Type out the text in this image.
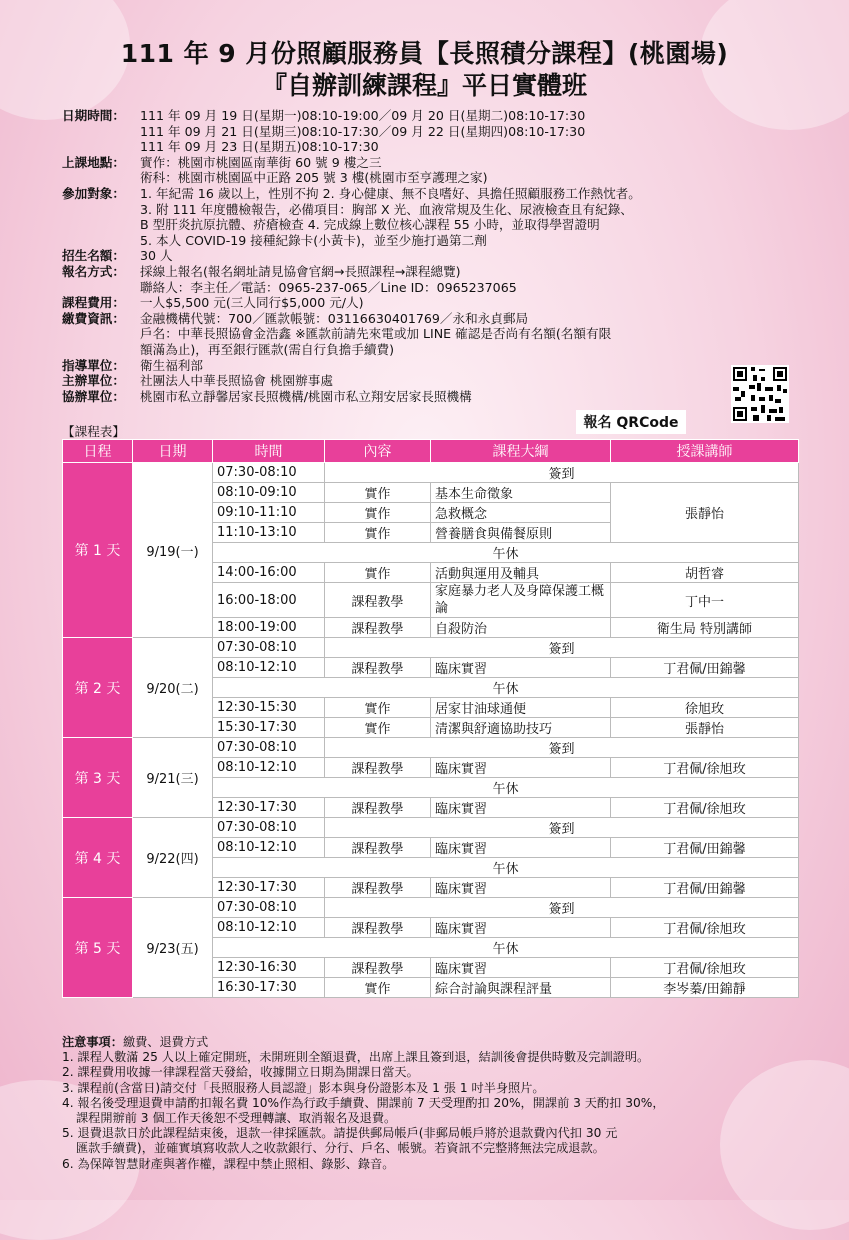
111 年 9 月份照顧服務員【長照積分課程】(桃園場)
『自辦訓練課程』平日實體班
日期時間：	111 年 09 月 19 日(星期一)08:10-19:00／09 月 20 日(星期二)08:10-17:30
111 年 09 月 21 日(星期三)08:10-17:30／09 月 22 日(星期四)08:10-17:30
111 年 09 月 23 日(星期五)08:10-17:30
上課地點：	實作：桃園市桃園區南華街 60 號 9 樓之三
術科：桃園市桃園區中正路 205 號 3 樓(桃園市至亨護理之家)
參加對象：	1. 年紀需 16 歲以上，性別不拘 2. 身心健康、無不良嗜好、具擔任照顧服務工作熱忱者。
3. 附 111 年度體檢報告，必備項目：胸部 X 光、血液常規及生化、尿液檢查且有紀錄、
B 型肝炎抗原抗體、疥瘡檢查 4. 完成線上數位核心課程 55 小時，並取得學習證明
5. 本人 COVID-19 接種紀錄卡(小黃卡)，並至少施打過第二劑
招生名額：	30 人
報名方式：	採線上報名(報名網址請見協會官網→長照課程→課程總覽)
聯絡人：李主任／電話：0965-237-065／Line ID：0965237065
課程費用：	一人$5,500 元(三人同行$5,000 元/人)
繳費資訊：	金融機構代號：700／匯款帳號：03116630401769／永和永貞郵局
戶名：中華長照協會金浩鑫 ※匯款前請先來電或加 LINE 確認是否尚有名額(名額有限
額滿為止)，再至銀行匯款(需自行負擔手續費)
指導單位：	衛生福利部
主辦單位：	社團法人中華長照協會 桃園辦事處
協辦單位：	桃園市私立靜馨居家長照機構/桃園市私立翔安居家長照機構
報名 QRCode
【課程表】
日程	日期	時間	內容	課程大綱	授課講師
第 1 天	9/19(一)	07:30-08:10	簽到		
		08:10-09:10	實作	基本生命徵象	張靜怡
		09:10-11:10	實作	急救概念	
		11:10-13:10	實作	營養膳食與備餐原則	
		午休			
		14:00-16:00	實作	活動與運用及輔具	胡哲睿
		16:00-18:00	課程教學	家庭暴力老人及身障保護工概論	丁中一
		18:00-19:00	課程教學	自殺防治	衛生局 特別講師
第 2 天	9/20(二)	07:30-08:10	簽到		
		08:10-12:10	課程教學	臨床實習	丁君佩/田錦馨
		午休			
		12:30-15:30	實作	居家甘油球通便	徐旭玫
		15:30-17:30	實作	清潔與舒適協助技巧	張靜怡
第 3 天	9/21(三)	07:30-08:10	簽到		
		08:10-12:10	課程教學	臨床實習	丁君佩/徐旭玫
		午休			
		12:30-17:30	課程教學	臨床實習	丁君佩/徐旭玫
第 4 天	9/22(四)	07:30-08:10	簽到		
		08:10-12:10	課程教學	臨床實習	丁君佩/田錦馨
		午休			
		12:30-17:30	課程教學	臨床實習	丁君佩/田錦馨
第 5 天	9/23(五)	07:30-08:10	簽到		
		08:10-12:10	課程教學	臨床實習	丁君佩/徐旭玫
		午休			
		12:30-16:30	課程教學	臨床實習	丁君佩/徐旭玫
		16:30-17:30	實作	綜合討論與課程評量	李岑蓁/田錦靜
注意事項：繳費、退費方式
1. 課程人數滿 25 人以上確定開班，未開班則全額退費，出席上課且簽到退，結訓後會提供時數及完訓證明。
2. 課程費用收據一律課程當天發給，收據開立日期為開課日當天。
3. 課程前(含當日)請交付「長照服務人員認證」影本與身份證影本及 1 張 1 吋半身照片。
4. 報名後受理退費申請酌扣報名費 10%作為行政手續費、開課前 7 天受理酌扣 20%，開課前 3 天酌扣 30%，
課程開辦前 3 個工作天後恕不受理轉讓、取消報名及退費。
5. 退費退款日於此課程結束後，退款一律採匯款。請提供郵局帳戶(非郵局帳戶將於退款費內代扣 30 元
匯款手續費)，並確實填寫收款人之收款銀行、分行、戶名、帳號。若資訊不完整將無法完成退款。
6. 為保障智慧財產與著作權，課程中禁止照相、錄影、錄音。
